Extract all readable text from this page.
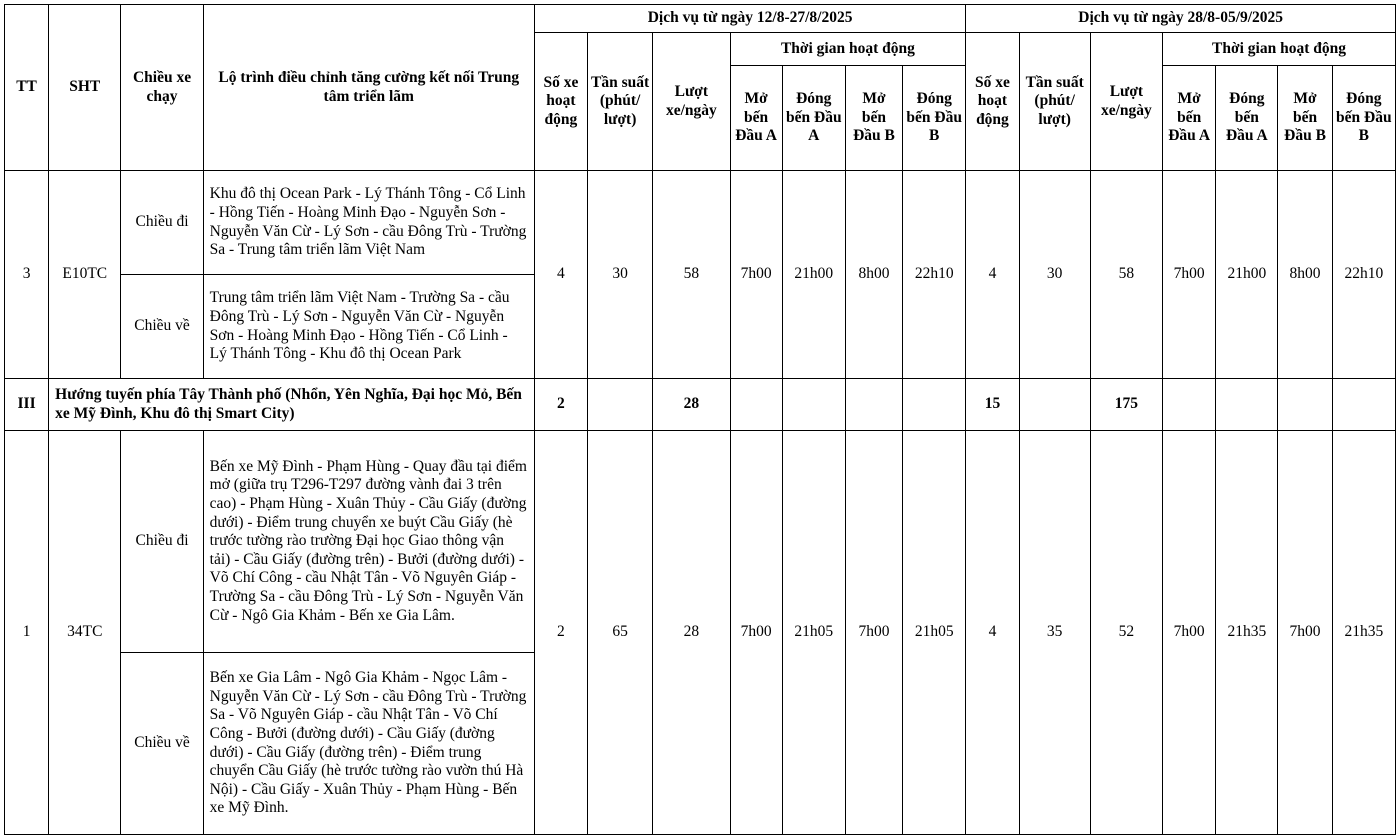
TT	SHT	Chiều xe chạy	Lộ trình điều chỉnh tăng cường kết nối Trung tâm triển lãm	Dịch vụ từ ngày 12/8-27/8/2025							Dịch vụ từ ngày 28/8-05/9/2025						
				Số xe hoạt động	Tần suất (phút/ lượt)	Lượt xe/ngày	Thời gian hoạt động				Số xe hoạt động	Tần suất (phút/ lượt)	Lượt xe/ngày	Thời gian hoạt động			
							Mở bến Đầu A	Đóng bến Đầu A	Mở bến Đầu B	Đóng bến Đầu B				Mở bến Đầu A	Đóng bến Đầu A	Mở bến Đầu B	Đóng bến Đầu B
3	E10TC	Chiều đi	Khu đô thị Ocean Park - Lý Thánh Tông - Cổ Linh - Hồng Tiến - Hoàng Minh Đạo - Nguyễn Sơn - Nguyễn Văn Cừ - Lý Sơn - cầu Đông Trù - Trường Sa - Trung tâm triển lãm Việt Nam	4	30	58	7h00	21h00	8h00	22h10	4	30	58	7h00	21h00	8h00	22h10
		Chiều về	Trung tâm triển lãm Việt Nam - Trường Sa - cầu Đông Trù - Lý Sơn - Nguyễn Văn Cừ - Nguyễn Sơn - Hoàng Minh Đạo - Hồng Tiến - Cổ Linh - Lý Thánh Tông - Khu đô thị Ocean Park														
III	Hướng tuyến phía Tây Thành phố (Nhổn, Yên Nghĩa, Đại học Mỏ, Bến xe Mỹ Đình, Khu đô thị Smart City)			2		28					15		175				
1	34TC	Chiều đi	Bến xe Mỹ Đình - Phạm Hùng - Quay đầu tại điểm mở (giữa trụ T296-T297 đường vành đai 3 trên cao) - Phạm Hùng - Xuân Thủy - Cầu Giấy (đường dưới) - Điểm trung chuyển xe buýt Cầu Giấy (hè trước tường rào trường Đại học Giao thông vận tải) - Cầu Giấy (đường trên) - Bưởi (đường dưới) - Võ Chí Công - cầu Nhật Tân - Võ Nguyên Giáp - Trường Sa - cầu Đông Trù - Lý Sơn - Nguyễn Văn Cừ - Ngô Gia Khảm - Bến xe Gia Lâm.	2	65	28	7h00	21h05	7h00	21h05	4	35	52	7h00	21h35	7h00	21h35
		Chiều về	Bến xe Gia Lâm - Ngô Gia Khảm - Ngọc Lâm - Nguyễn Văn Cừ - Lý Sơn - cầu Đông Trù - Trường Sa - Võ Nguyên Giáp - cầu Nhật Tân - Võ Chí Công - Bưởi (đường dưới) - Cầu Giấy (đường dưới) - Cầu Giấy (đường trên) - Điểm trung chuyển Cầu Giấy (hè trước tường rào vườn thú Hà Nội) - Cầu Giấy - Xuân Thủy - Phạm Hùng - Bến xe Mỹ Đình.														
